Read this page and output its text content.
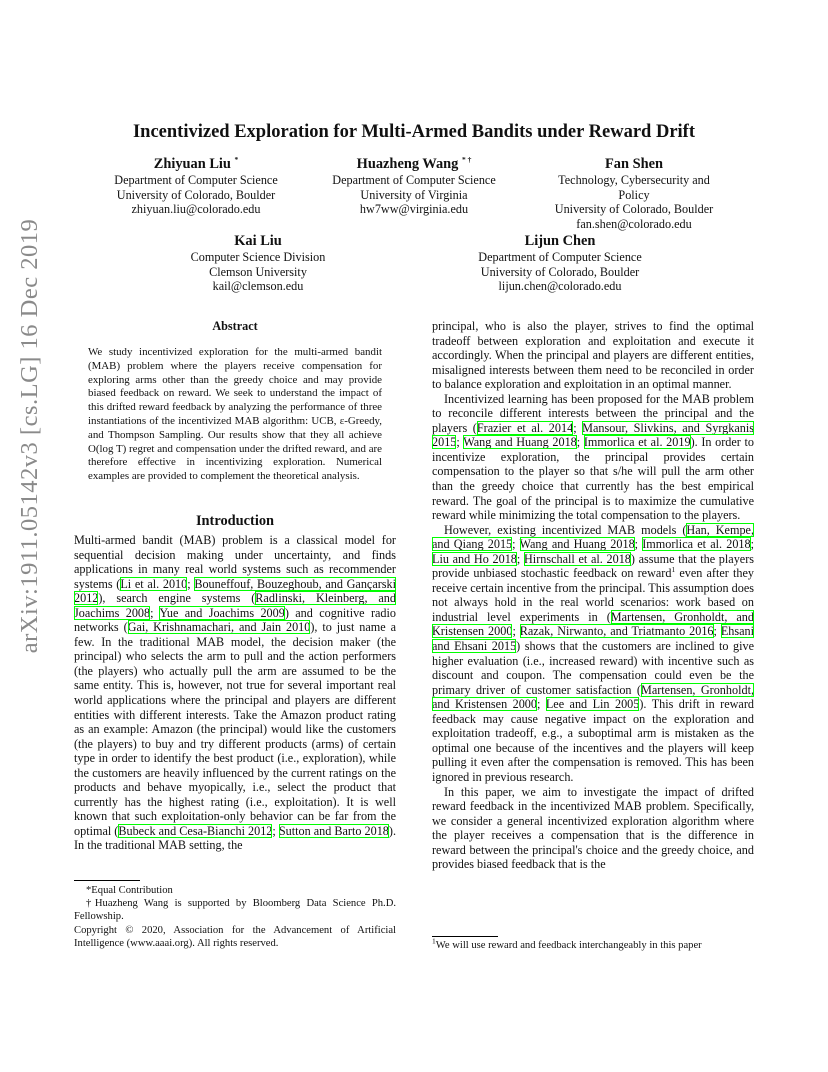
arXiv:1911.05142v3 [cs.LG] 16 Dec 2019
Incentivized Exploration for Multi-Armed Bandits under Reward Drift
Zhiyuan Liu *
Department of Computer Science
University of Colorado, Boulder
zhiyuan.liu@colorado.edu
Huazheng Wang * †
Department of Computer Science
University of Virginia
hw7ww@virginia.edu
Fan Shen
Technology, Cybersecurity and Policy
University of Colorado, Boulder
fan.shen@colorado.edu
Kai Liu
Computer Science Division
Clemson University
kail@clemson.edu
Lijun Chen
Department of Computer Science
University of Colorado, Boulder
lijun.chen@colorado.edu
Abstract

We study incentivized exploration for the multi-armed bandit (MAB) problem where the players receive compensation for exploring arms other than the greedy choice and may provide biased feedback on reward. We seek to understand the impact of this drifted reward feedback by analyzing the performance of three instantiations of the incentivized MAB algorithm: UCB, ε-Greedy, and Thompson Sampling. Our results show that they all achieve O(log T) regret and compensation under the drifted reward, and are therefore effective in incentivizing exploration. Numerical examples are provided to complement the theoretical analysis.

Introduction

Multi-armed bandit (MAB) problem is a classical model for sequential decision making under uncertainty, and finds applications in many real world systems such as recommender systems (Li et al. 2010; Bouneffouf, Bouzeghoub, and Gançarski 2012), search engine systems (Radlinski, Kleinberg, and Joachims 2008; Yue and Joachims 2009) and cognitive radio networks (Gai, Krishnamachari, and Jain 2010), to just name a few. In the traditional MAB model, the decision maker (the principal) who selects the arm to pull and the action performers (the players) who actually pull the arm are assumed to be the same entity. This is, however, not true for several important real world applications where the principal and players are different entities with different interests. Take the Amazon product rating as an example: Amazon (the principal) would like the customers (the players) to buy and try different products (arms) of certain type in order to identify the best product (i.e., exploration), while the customers are heavily influenced by the current ratings on the products and behave myopically, i.e., select the product that currently has the highest rating (i.e., exploitation). It is well known that such exploitation-only behavior can be far from the optimal (Bubeck and Cesa-Bianchi 2012; Sutton and Barto 2018). In the traditional MAB setting, the

*Equal Contribution

†Huazheng Wang is supported by Bloomberg Data Science Ph.D. Fellowship.

Copyright © 2020, Association for the Advancement of Artificial Intelligence (www.aaai.org). All rights reserved.

principal, who is also the player, strives to find the optimal tradeoff between exploration and exploitation and execute it accordingly. When the principal and players are different entities, misaligned interests between them need to be reconciled in order to balance exploration and exploitation in an optimal manner.

Incentivized learning has been proposed for the MAB problem to reconcile different interests between the principal and the players (Frazier et al. 2014; Mansour, Slivkins, and Syrgkanis 2015; Wang and Huang 2018; Immorlica et al. 2019). In order to incentivize exploration, the principal provides certain compensation to the player so that s/he will pull the arm other than the greedy choice that currently has the best empirical reward. The goal of the principal is to maximize the cumulative reward while minimizing the total compensation to the players.

However, existing incentivized MAB models (Han, Kempe, and Qiang 2015; Wang and Huang 2018; Immorlica et al. 2018; Liu and Ho 2018; Hirnschall et al. 2018) assume that the players provide unbiased stochastic feedback on reward$^1$ even after they receive certain incentive from the principal. This assumption does not always hold in the real world scenarios: work based on industrial level experiments in (Martensen, Gronholdt, and Kristensen 2000; Razak, Nirwanto, and Triatmanto 2016; Ehsani and Ehsani 2015) shows that the customers are inclined to give higher evaluation (i.e., increased reward) with incentive such as discount and coupon. The compensation could even be the primary driver of customer satisfaction (Martensen, Gronholdt, and Kristensen 2000; Lee and Lin 2005). This drift in reward feedback may cause negative impact on the exploration and exploitation tradeoff, e.g., a suboptimal arm is mistaken as the optimal one because of the incentives and the players will keep pulling it even after the compensation is removed. This has been ignored in previous research.

In this paper, we aim to investigate the impact of drifted reward feedback in the incentivized MAB problem. Specifically, we consider a general incentivized exploration algorithm where the player receives a compensation that is the difference in reward between the principal's choice and the greedy choice, and provides biased feedback that is the

$^1$We will use reward and feedback interchangeably in this paper
